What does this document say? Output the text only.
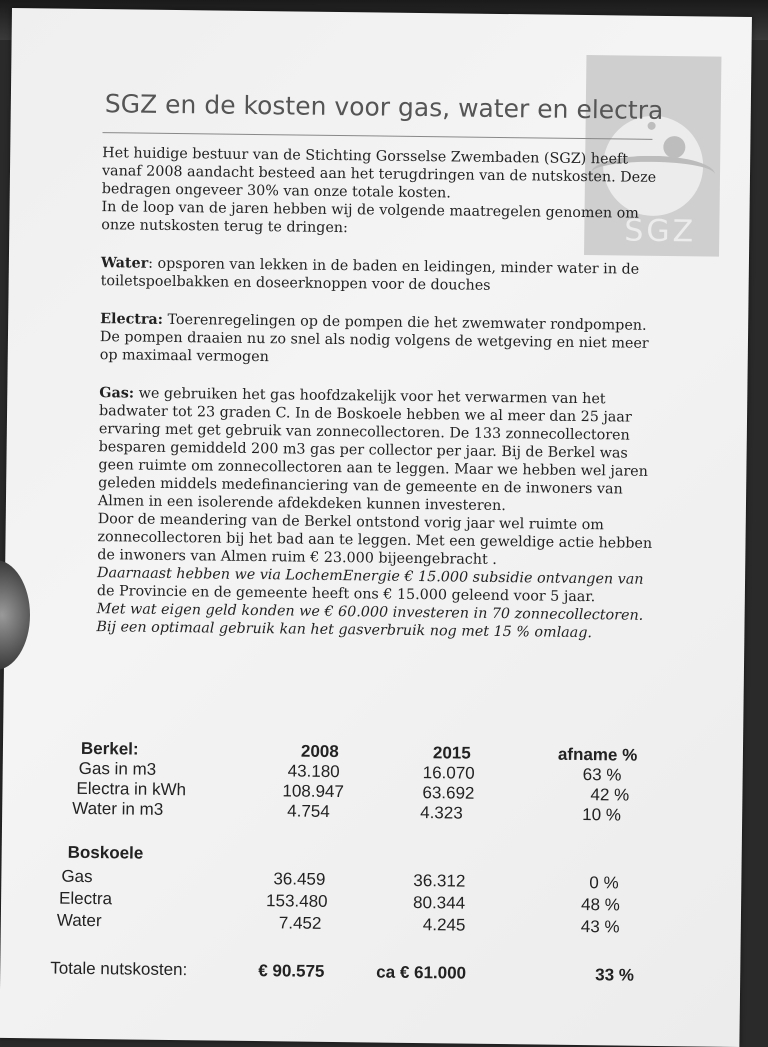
SGZ
SGZ en de kosten voor gas, water en electra

Het huidige bestuur van de Stichting Gorsselse Zwembaden (SGZ) heeft
vanaf 2008 aandacht besteed aan het terugdringen van de nutskosten. Deze
bedragen ongeveer 30% van onze totale kosten.
In de loop van de jaren hebben wij de volgende maatregelen genomen om
onze nutskosten terug te dringen:

Water: opsporen van lekken in de baden en leidingen, minder water in de
toiletspoelbakken en doseerknoppen voor de douches

Electra: Toerenregelingen op de pompen die het zwemwater rondpompen.
De pompen draaien nu zo snel als nodig volgens de wetgeving en niet meer
op maximaal vermogen

Gas: we gebruiken het gas hoofdzakelijk voor het verwarmen van het
badwater tot 23 graden C. In de Boskoele hebben we al meer dan 25 jaar
ervaring met get gebruik van zonnecollectoren. De 133 zonnecollectoren
besparen gemiddeld 200 m3 gas per collector per jaar. Bij de Berkel was
geen ruimte om zonnecollectoren aan te leggen. Maar we hebben wel jaren
geleden middels medefinanciering van de gemeente en de inwoners van
Almen in een isolerende afdekdeken kunnen investeren.
Door de meandering van de Berkel ontstond vorig jaar wel ruimte om
zonnecollectoren bij het bad aan te leggen. Met een geweldige actie hebben
de inwoners van Almen ruim € 23.000 bijeengebracht .
Daarnaast hebben we via LochemEnergie € 15.000 subsidie ontvangen van
de Provincie en de gemeente heeft ons € 15.000 geleend voor 5 jaar.
Met wat eigen geld konden we € 60.000 investeren in 70 zonnecollectoren.
Bij een optimaal gebruik kan het gasverbruik nog met 15 % omlaag.

Berkel:	2008	2015	afname %
Gas in m3	43.180	16.070	63 %
Electra in kWh	108.947	63.692	42 %
Water in m3	4.754	4.323	10 %
Boskoele
Gas	36.459	36.312	0 %
Electra	153.480	80.344	48 %
Water	7.452	4.245	43 %
Totale nutskosten:	€ 90.575	ca € 61.000	33 %
